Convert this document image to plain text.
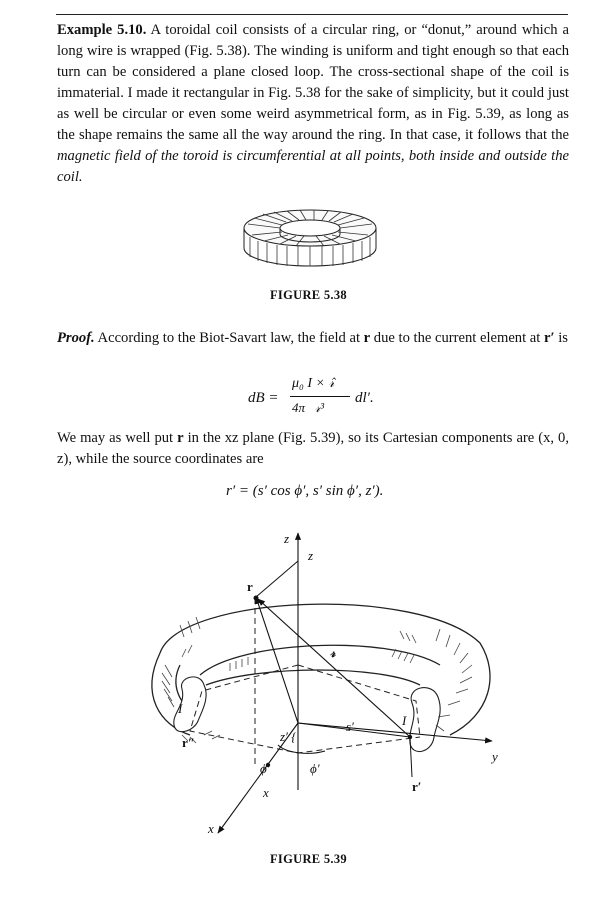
Example 5.10. A toroidal coil consists of a circular ring, or “donut,” around which a long wire is wrapped (Fig. 5.38). The winding is uniform and tight enough so that each turn can be considered a plane closed loop. The cross-sectional shape of the coil is immaterial. I made it rectangular in Fig. 5.38 for the sake of simplicity, but it could just as well be circular or even some weird asymmetrical form, as in Fig. 5.39, as long as the shape remains the same all the way around the ring. In that case, it follows that the magnetic field of the toroid is circumferential at all points, both inside and outside the coil.

FIGURE 5.38

Proof. According to the Biot-Savart law, the field at r due to the current element at r′ is

dB =
μ₀ I × 𝓇̂
4π   𝓇³
dl′.

We may as well put r in the xz plane (Fig. 5.39), so its Cartesian components are (x, 0, z), while the source coordinates are

r′ = (s′ cos ϕ′, s′ sin ϕ′, z′).
z
z
r
𝓇
s′
z′ {
ϕ′	ϕ′
x
x
y
I
I
r″
r′
FIGURE 5.39
